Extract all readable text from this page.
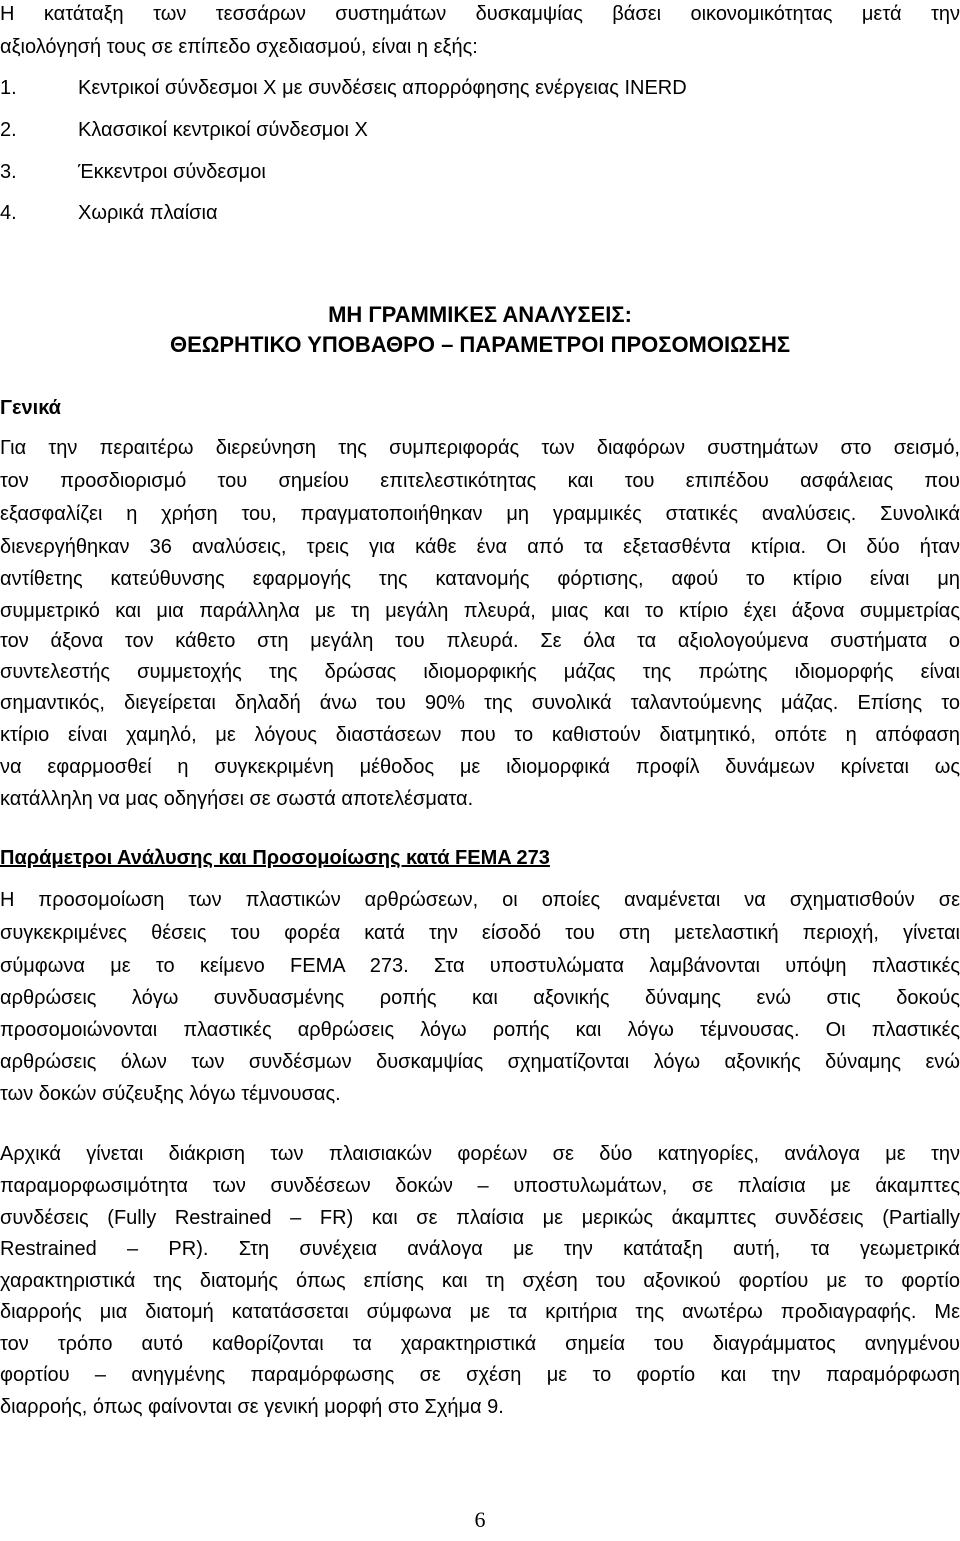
Η κατάταξη των τεσσάρων συστημάτων δυσκαμψίας βάσει οικονομικότητας μετά την
αξιολόγησή τους σε επίπεδο σχεδιασμού, είναι η εξής:
1.	Κεντρικοί σύνδεσμοι Χ με συνδέσεις απορρόφησης ενέργειας INERD
2.	Κλασσικοί κεντρικοί σύνδεσμοι Χ
3.	Έκκεντροι σύνδεσμοι
4.	Χωρικά πλαίσια
ΜΗ ΓΡΑΜΜΙΚΕΣ ΑΝΑΛΥΣΕΙΣ:
ΘΕΩΡΗΤΙΚΟ ΥΠΟΒΑΘΡΟ – ΠΑΡΑΜΕΤΡΟΙ ΠΡΟΣΟΜΟΙΩΣΗΣ
Γενικά
Για την περαιτέρω διερεύνηση της συμπεριφοράς των διαφόρων συστημάτων στο σεισμό,
τον προσδιορισμό του σημείου επιτελεστικότητας και του επιπέδου ασφάλειας που
εξασφαλίζει η χρήση του, πραγματοποιήθηκαν μη γραμμικές στατικές αναλύσεις. Συνολικά
διενεργήθηκαν 36 αναλύσεις, τρεις για κάθε ένα από τα εξετασθέντα κτίρια. Οι δύο ήταν
αντίθετης κατεύθυνσης εφαρμογής της κατανομής φόρτισης, αφού το κτίριο είναι μη
συμμετρικό και μια παράλληλα με τη μεγάλη πλευρά, μιας και το κτίριο έχει άξονα συμμετρίας
τον άξονα τον κάθετο στη μεγάλη του πλευρά. Σε όλα τα αξιολογούμενα συστήματα ο
συντελεστής συμμετοχής της δρώσας ιδιομορφικής μάζας της πρώτης ιδιομορφής είναι
σημαντικός, διεγείρεται δηλαδή άνω του 90% της συνολικά ταλαντούμενης μάζας. Επίσης το
κτίριο είναι χαμηλό, με λόγους διαστάσεων που το καθιστούν διατμητικό, οπότε η απόφαση
να εφαρμοσθεί η συγκεκριμένη μέθοδος με ιδιομορφικά προφίλ δυνάμεων κρίνεται ως
κατάλληλη να μας οδηγήσει σε σωστά αποτελέσματα.
Παράμετροι Ανάλυσης και Προσομοίωσης κατά FEMA 273
Η προσομοίωση των πλαστικών αρθρώσεων, οι οποίες αναμένεται να σχηματισθούν σε
συγκεκριμένες θέσεις του φορέα κατά την είσοδό του στη μετελαστική περιοχή, γίνεται
σύμφωνα με το κείμενο FEMA 273. Στα υποστυλώματα λαμβάνονται υπόψη πλαστικές
αρθρώσεις λόγω συνδυασμένης ροπής και αξονικής δύναμης ενώ στις δοκούς
προσομοιώνονται πλαστικές αρθρώσεις λόγω ροπής και λόγω τέμνουσας. Οι πλαστικές
αρθρώσεις όλων των συνδέσμων δυσκαμψίας σχηματίζονται λόγω αξονικής δύναμης ενώ
των δοκών σύζευξης λόγω τέμνουσας.
Αρχικά γίνεται διάκριση των πλαισιακών φορέων σε δύο κατηγορίες, ανάλογα με την
παραμορφωσιμότητα των συνδέσεων δοκών – υποστυλωμάτων, σε πλαίσια με άκαμπτες
συνδέσεις (Fully Restrained – FR) και σε πλαίσια με μερικώς άκαμπτες συνδέσεις (Partially
Restrained – PR). Στη συνέχεια ανάλογα με την κατάταξη αυτή, τα γεωμετρικά
χαρακτηριστικά της διατομής όπως επίσης και τη σχέση του αξονικού φορτίου με το φορτίο
διαρροής μια διατομή κατατάσσεται σύμφωνα με τα κριτήρια της ανωτέρω προδιαγραφής. Με
τον τρόπο αυτό καθορίζονται τα χαρακτηριστικά σημεία του διαγράμματος ανηγμένου
φορτίου – ανηγμένης παραμόρφωσης σε σχέση με το φορτίο και την παραμόρφωση
διαρροής, όπως φαίνονται σε γενική μορφή στο Σχήμα 9.
6
